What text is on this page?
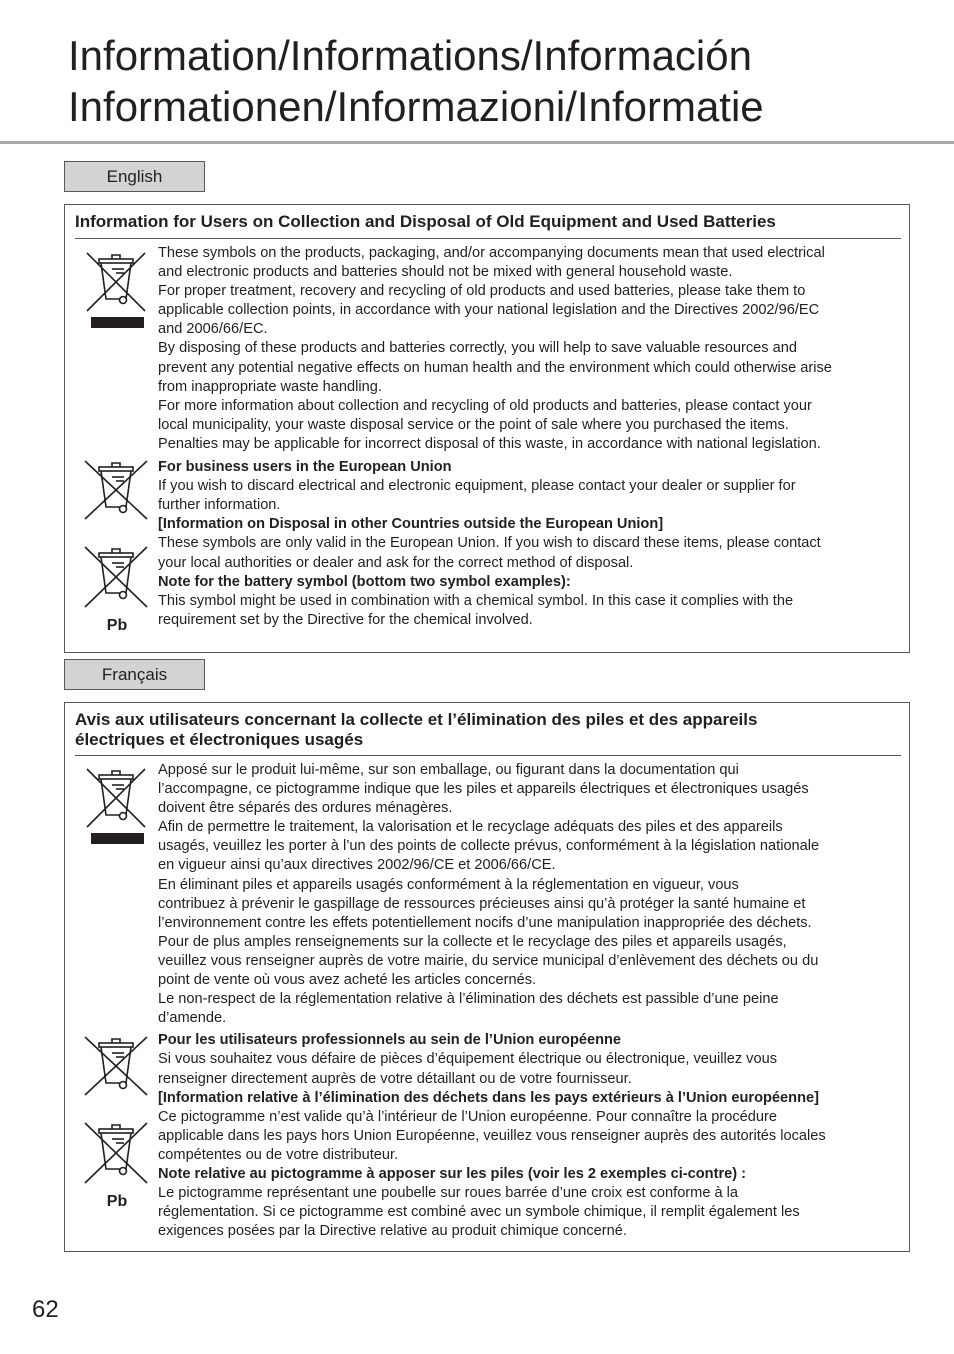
Information/Informations/Información
Informationen/Informazioni/Informatie
English
Information for Users on Collection and Disposal of Old Equipment and Used Batteries
Pb

These symbols on the products, packaging, and/or accompanying documents mean that used electrical
and electronic products and batteries should not be mixed with general household waste.
For proper treatment, recovery and recycling of old products and used batteries, please take them to
applicable collection points, in accordance with your national legislation and the Directives 2002/96/EC
and 2006/66/EC.
By disposing of these products and batteries correctly, you will help to save valuable resources and
prevent any potential negative effects on human health and the environment which could otherwise arise
from inappropriate waste handling.
For more information about collection and recycling of old products and batteries, please contact your
local municipality, your waste disposal service or the point of sale where you purchased the items.
Penalties may be applicable for incorrect disposal of this waste, in accordance with national legislation.

For business users in the European Union
If you wish to discard electrical and electronic equipment, please contact your dealer or supplier for
further information.
[Information on Disposal in other Countries outside the European Union]
These symbols are only valid in the European Union. If you wish to discard these items, please contact
your local authorities or dealer and ask for the correct method of disposal.
Note for the battery symbol (bottom two symbol examples):
This symbol might be used in combination with a chemical symbol. In this case it complies with the
requirement set by the Directive for the chemical involved.

Français
Avis aux utilisateurs concernant la collecte et l’élimination des piles et des appareils
électriques et électroniques usagés
Pb

Apposé sur le produit lui-même, sur son emballage, ou figurant dans la documentation qui
l’accompagne, ce pictogramme indique que les piles et appareils électriques et électroniques usagés
doivent être séparés des ordures ménagères.
Afin de permettre le traitement, la valorisation et le recyclage adéquats des piles et des appareils
usagés, veuillez les porter à l’un des points de collecte prévus, conformément à la législation nationale
en vigueur ainsi qu’aux directives 2002/96/CE et 2006/66/CE.
En éliminant piles et appareils usagés conformément à la réglementation en vigueur, vous
contribuez à prévenir le gaspillage de ressources précieuses ainsi qu’à protéger la santé humaine et
l’environnement contre les effets potentiellement nocifs d’une manipulation inappropriée des déchets.
Pour de plus amples renseignements sur la collecte et le recyclage des piles et appareils usagés,
veuillez vous renseigner auprès de votre mairie, du service municipal d’enlèvement des déchets ou du
point de vente où vous avez acheté les articles concernés.
Le non-respect de la réglementation relative à l’élimination des déchets est passible d’une peine
d’amende.

Pour les utilisateurs professionnels au sein de l’Union européenne
Si vous souhaitez vous défaire de pièces d’équipement électrique ou électronique, veuillez vous
renseigner directement auprès de votre détaillant ou de votre fournisseur.
[Information relative à l’élimination des déchets dans les pays extérieurs à l’Union européenne]
Ce pictogramme n’est valide qu’à l’intérieur de l’Union européenne. Pour connaître la procédure
applicable dans les pays hors Union Européenne, veuillez vous renseigner auprès des autorités locales
compétentes ou de votre distributeur.
Note relative au pictogramme à apposer sur les piles (voir les 2 exemples ci-contre) :
Le pictogramme représentant une poubelle sur roues barrée d’une croix est conforme à la
réglementation. Si ce pictogramme est combiné avec un symbole chimique, il remplit également les
exigences posées par la Directive relative au produit chimique concerné.

62
